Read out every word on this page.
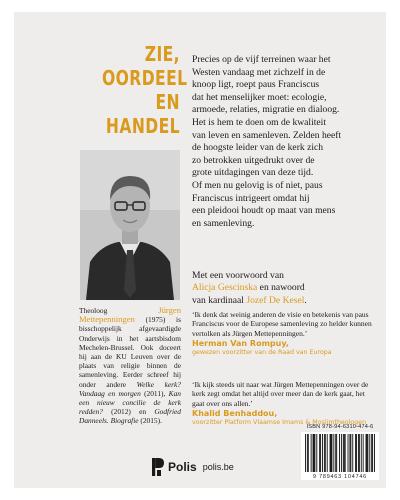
ZIE,
OORDEEL
EN
HANDEL
Theoloog Jürgen Mettepenningen (1975) is bisschoppelijk afgevaardigde Onderwijs in het aartsbisdom Mechelen-Brussel. Ook doceert hij aan de KU Leuven over de plaats van religie binnen de samenleving. Eerder schreef hij onder andere Welke kerk? Vandaag en morgen (2011), Kan een nieuw concilie de kerk redden? (2012) en Godfried Danneels. Biografie (2015).

Precies op de vijf terreinen waar het

Westen vandaag met zichzelf in de

knoop ligt, roept paus Franciscus

dat het menselijker moet: ecologie,

armoede, relaties, migratie en dialoog.

Het is hem te doen om de kwaliteit

van leven en samenleven. Zelden heeft

de hoogste leider van de kerk zich

zo betrokken uitgedrukt over de

grote uitdagingen van deze tijd.

Of men nu gelovig is of niet, paus

Franciscus intrigeert omdat hij

een pleidooi houdt op maat van mens

en samenleving.

Met een voorwoord van
Alicja Gescinska en nawoord
van kardinaal Jozef De Kesel.

‘Ik denk dat weinig anderen de visie en betekenis van paus Franciscus voor de Europese samenleving zo helder kunnen vertolken als Jürgen Mettepenningen.’

Herman Van Rompuy,

gewezen voorzitter van de Raad van Europa

‘Ik kijk steeds uit naar wat Jürgen Mettepenningen over de kerk zegt omdat het altijd over meer dan de kerk gaat, het gaat over ons allen.’

Khalid Benhaddou,

voorzitter Platform Vlaamse Imams & Moslimtheologen

ISBN 978-94-6310-474-6
9 789463 104746
Polis polis.be
